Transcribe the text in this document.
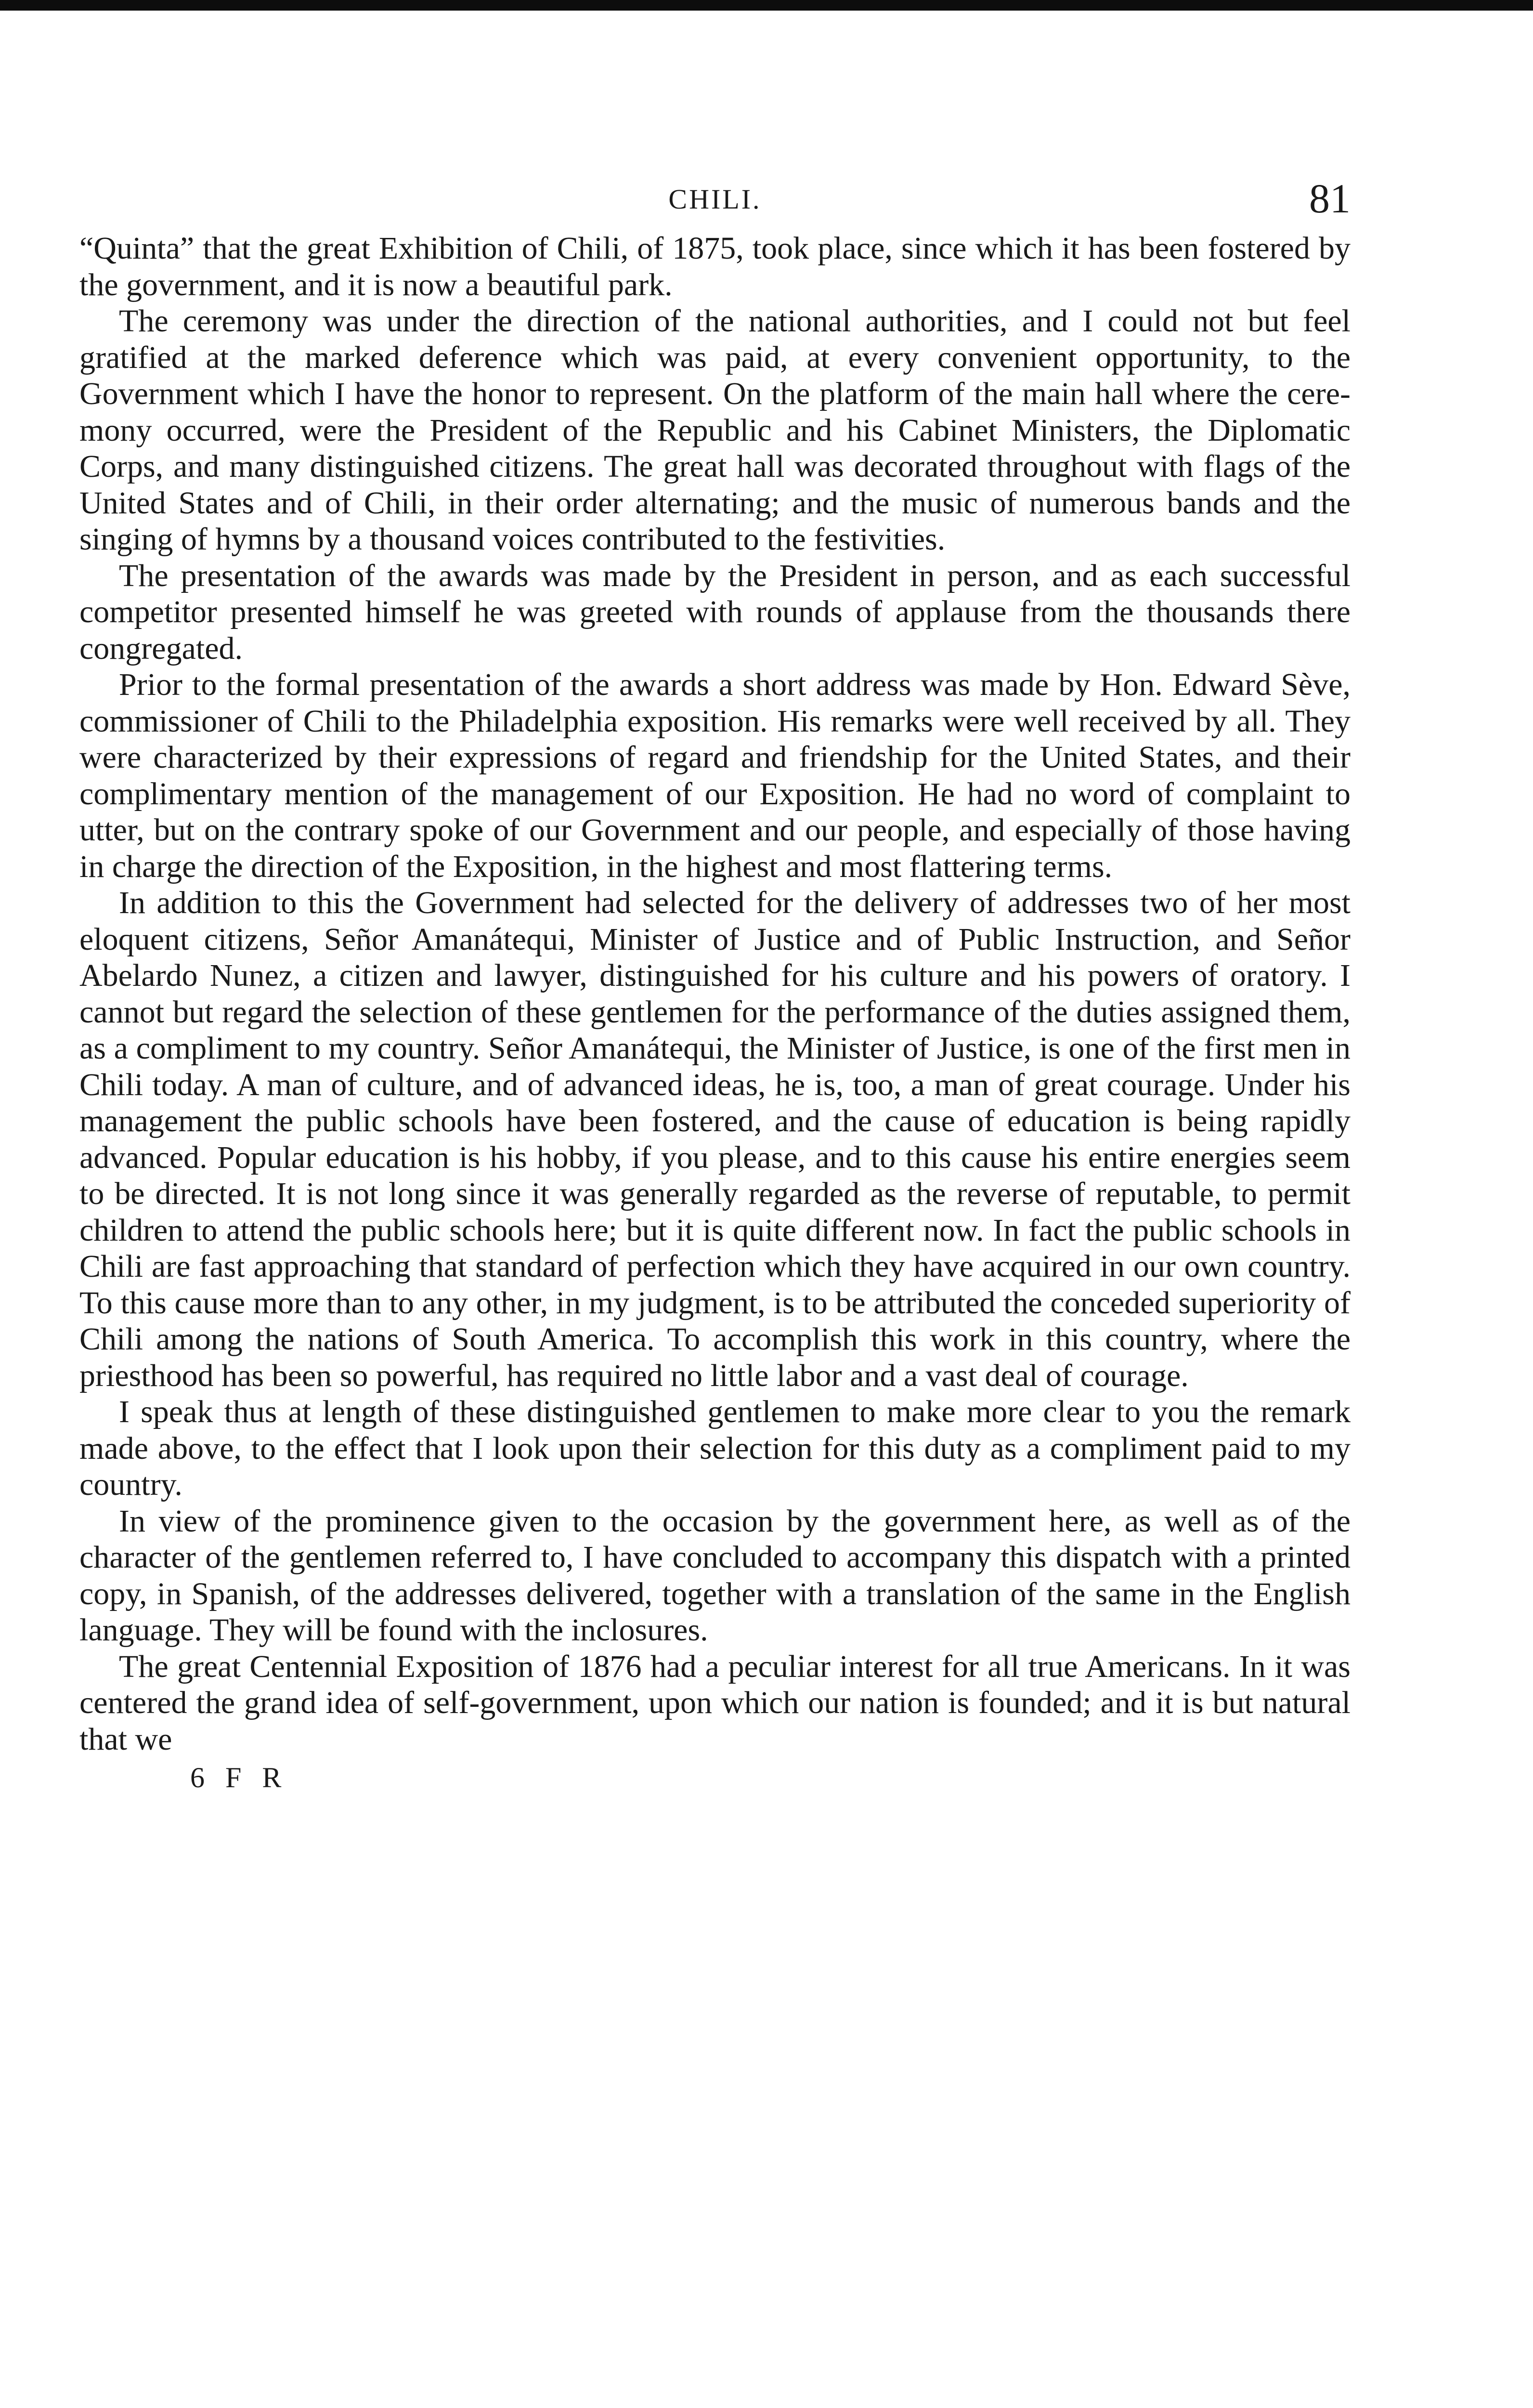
CHILI.	81

“Quinta” that the great Exhibition of Chili, of 1875, took place, since which it has been fostered by the government, and it is now a beautiful park.

The ceremony was under the direction of the national authorities, and I could not but feel gratified at the marked deference which was paid, at every convenient opportunity, to the Government which I have the honor to represent. On the platform of the main hall where the ceremony occurred, were the President of the Republic and his Cabinet Ministers, the Diplomatic Corps, and many distinguished citizens. The great hall was decorated throughout with flags of the United States and of Chili, in their order alternating; and the music of numerous bands and the singing of hymns by a thousand voices contributed to the festivities.

The presentation of the awards was made by the President in person, and as each successful competitor presented himself he was greeted with rounds of applause from the thousands there congregated.

Prior to the formal presentation of the awards a short address was made by Hon. Edward Sève, commissioner of Chili to the Philadelphia exposition. His remarks were well received by all. They were characterized by their expressions of regard and friendship for the United States, and their complimentary mention of the management of our Exposition. He had no word of complaint to utter, but on the contrary spoke of our Government and our people, and especially of those having in charge the direction of the Exposition, in the highest and most flattering terms.

In addition to this the Government had selected for the delivery of addresses two of her most eloquent citizens, Señor Amanátequi, Minister of Justice and of Public Instruction, and Señor Abelardo Nunez, a citizen and lawyer, distinguished for his culture and his powers of oratory. I cannot but regard the selection of these gentlemen for the performance of the duties assigned them, as a compliment to my country. Señor Amanátequi, the Minister of Justice, is one of the first men in Chili today. A man of culture, and of advanced ideas, he is, too, a man of great courage. Under his management the public schools have been fostered, and the cause of education is being rapidly advanced. Popular education is his hobby, if you please, and to this cause his entire energies seem to be directed. It is not long since it was generally regarded as the reverse of reputable, to permit children to attend the public schools here; but it is quite different now. In fact the public schools in Chili are fast approaching that standard of perfection which they have acquired in our own country. To this cause more than to any other, in my judgment, is to be attributed the conceded superiority of Chili among the nations of South America. To accomplish this work in this country, where the priesthood has been so powerful, has required no little labor and a vast deal of courage.

I speak thus at length of these distinguished gentlemen to make more clear to you the remark made above, to the effect that I look upon their selection for this duty as a compliment paid to my country.

In view of the prominence given to the occasion by the government here, as well as of the character of the gentlemen referred to, I have concluded to accompany this dispatch with a printed copy, in Spanish, of the addresses delivered, together with a translation of the same in the English language. They will be found with the inclosures.

The great Centennial Exposition of 1876 had a peculiar interest for all true Americans. In it was centered the grand idea of self-government, upon which our nation is founded; and it is but natural that we

6 F R
